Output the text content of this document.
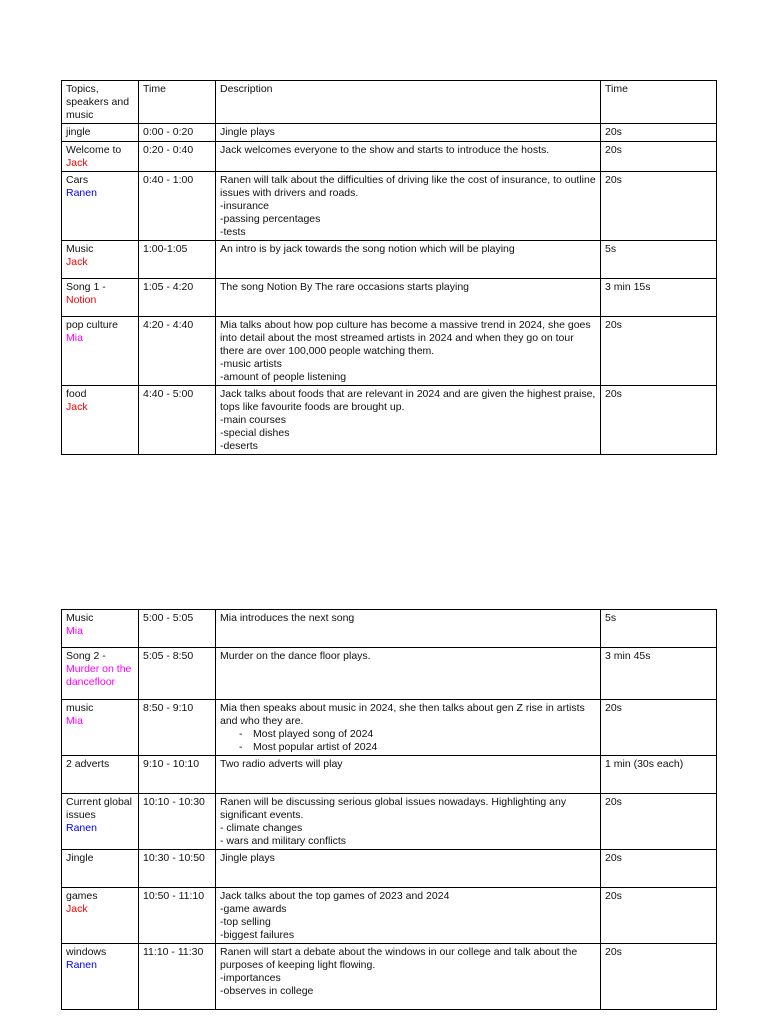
Topics, speakers and music	Time	Description	Time

jingle	0:00 - 0:20	Jingle plays	20s

Welcome to
Jack	0:20 - 0:40	Jack welcomes everyone to the show and starts to introduce the hosts.	20s

Cars
Ranen	0:40 - 1:00	Ranen will talk about the difficulties of driving like the cost of insurance, to outline issues with drivers and roads.
-insurance
-passing percentages
-tests	20s

Music
Jack	1:00-1:05	An intro is by jack towards the song notion which will be playing	5s

Song 1 -
Notion	1:05 - 4:20	The song Notion By The rare occasions starts playing	3 min 15s

pop culture
Mia	4:20 - 4:40	Mia talks about how pop culture has become a massive trend in 2024, she goes into detail about the most streamed artists in 2024 and when they go on tour there are over 100,000 people watching them.
-music artists
-amount of people listening	20s

food
Jack	4:40 - 5:00	Jack talks about foods that are relevant in 2024 and are given the highest praise, tops like favourite foods are brought up.
-main courses
-special dishes
-deserts	20s
Music
Mia	5:00 - 5:05	Mia introduces the next song	5s

Song 2 -
Murder on the dancefloor	5:05 - 8:50	Murder on the dance floor plays.	3 min 45s

music
Mia	8:50 - 9:10	Mia then speaks about music in 2024, she then talks about gen Z rise in artists and who they are.
- Most played song of 2024
- Most popular artist of 2024	20s

2 adverts	9:10 - 10:10	Two radio adverts will play	1 min (30s each)

Current global issues
Ranen	10:10 - 10:30	Ranen will be discussing serious global issues nowadays. Highlighting any significant events.
- climate changes
- wars and military conflicts	20s

Jingle	10:30 - 10:50	Jingle plays	20s

games
Jack	10:50 - 11:10	Jack talks about the top games of 2023 and 2024
-game awards
-top selling
-biggest failures	20s

windows
Ranen	11:10 - 11:30	Ranen will start a debate about the windows in our college and talk about the purposes of keeping light flowing.
-importances
-observes in college	20s
